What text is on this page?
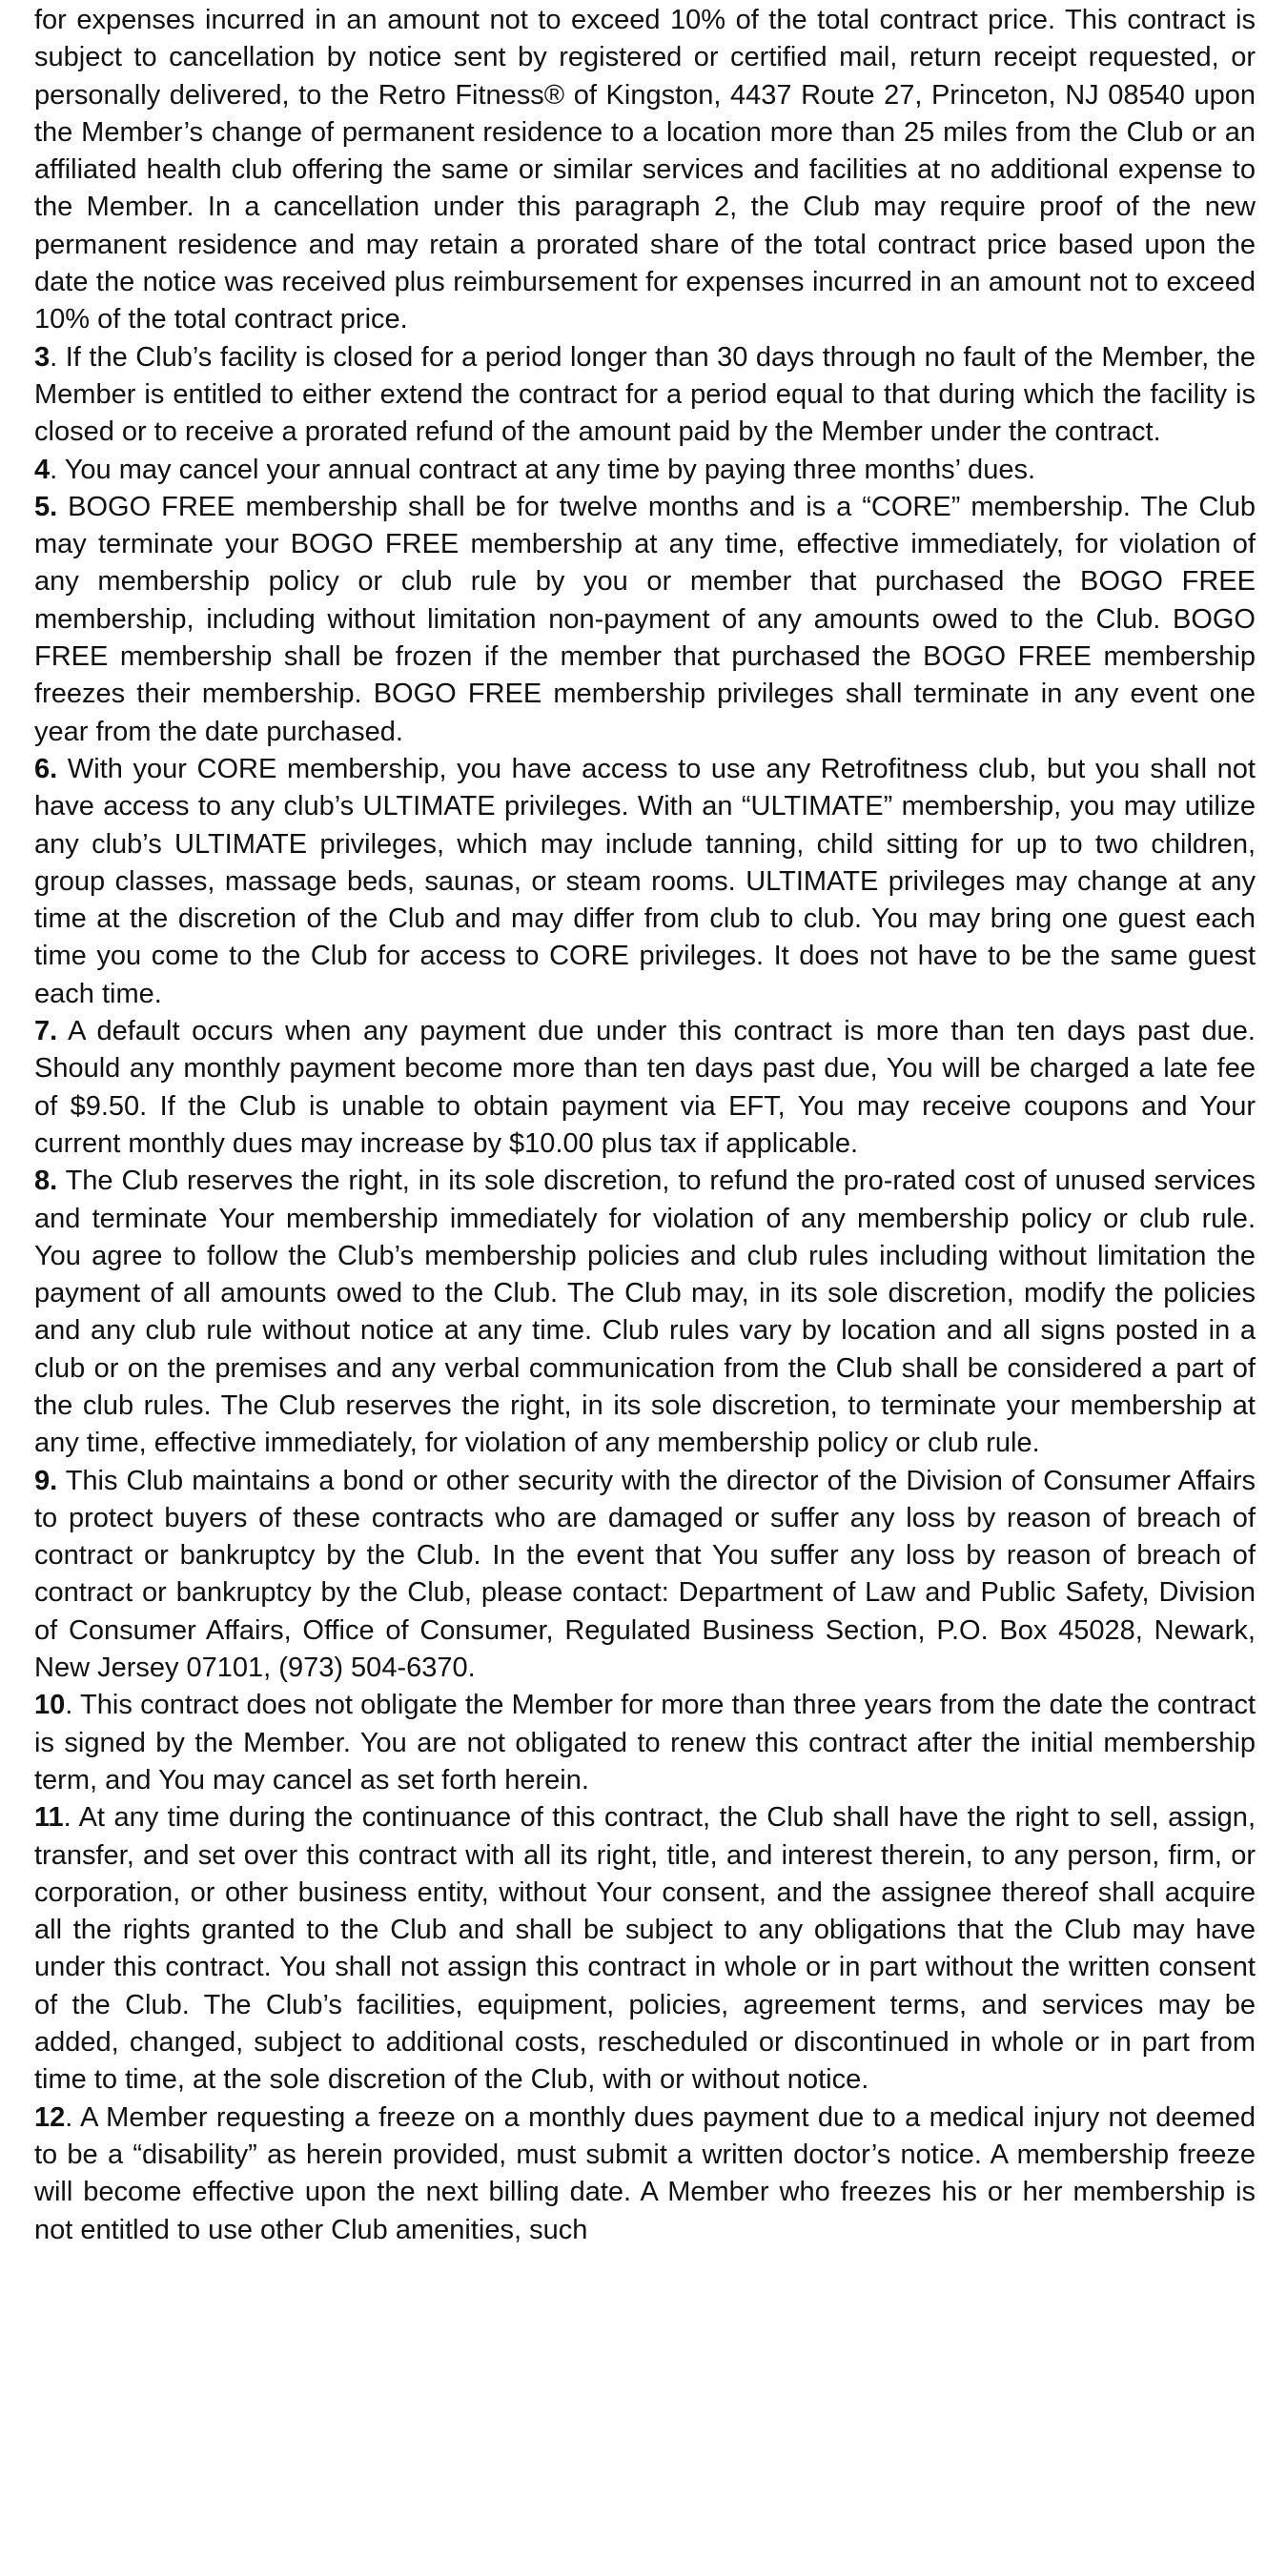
for expenses incurred in an amount not to exceed 10% of the total contract price. This contract is subject to cancellation by notice sent by registered or certified mail, return receipt requested, or personally delivered, to the Retro Fitness® of Kingston, 4437 Route 27, Princeton, NJ 08540 upon the Member’s change of permanent residence to a location more than 25 miles from the Club or an affiliated health club offering the same or similar services and facilities at no additional expense to the Member. In a cancellation under this paragraph 2, the Club may require proof of the new permanent residence and may retain a prorated share of the total contract price based upon the date the notice was received plus reimbursement for expenses incurred in an amount not to exceed 10% of the total contract price.

3. If the Club’s facility is closed for a period longer than 30 days through no fault of the Member, the Member is entitled to either extend the contract for a period equal to that during which the facility is closed or to receive a prorated refund of the amount paid by the Member under the contract.

4. You may cancel your annual contract at any time by paying three months’ dues.

5. BOGO FREE membership shall be for twelve months and is a “CORE” membership. The Club may terminate your BOGO FREE membership at any time, effective immediately, for violation of any membership policy or club rule by you or member that purchased the BOGO FREE membership, including without limitation non-payment of any amounts owed to the Club. BOGO FREE membership shall be frozen if the member that purchased the BOGO FREE membership freezes their membership. BOGO FREE membership privileges shall terminate in any event one year from the date purchased.

6. With your CORE membership, you have access to use any Retrofitness club, but you shall not have access to any club’s ULTIMATE privileges. With an “ULTIMATE” membership, you may utilize any club’s ULTIMATE privileges, which may include tanning, child sitting for up to two children, group classes, massage beds, saunas, or steam rooms. ULTIMATE privileges may change at any time at the discretion of the Club and may differ from club to club. You may bring one guest each time you come to the Club for access to CORE privileges. It does not have to be the same guest each time.

7. A default occurs when any payment due under this contract is more than ten days past due. Should any monthly payment become more than ten days past due, You will be charged a late fee of $9.50. If the Club is unable to obtain payment via EFT, You may receive coupons and Your current monthly dues may increase by $10.00 plus tax if applicable.

8. The Club reserves the right, in its sole discretion, to refund the pro-rated cost of unused services and terminate Your membership immediately for violation of any membership policy or club rule. You agree to follow the Club’s membership policies and club rules including without limitation the payment of all amounts owed to the Club. The Club may, in its sole discretion, modify the policies and any club rule without notice at any time. Club rules vary by location and all signs posted in a club or on the premises and any verbal communication from the Club shall be considered a part of the club rules. The Club reserves the right, in its sole discretion, to terminate your membership at any time, effective immediately, for violation of any membership policy or club rule.

9. This Club maintains a bond or other security with the director of the Division of Consumer Affairs to protect buyers of these contracts who are damaged or suffer any loss by reason of breach of contract or bankruptcy by the Club. In the event that You suffer any loss by reason of breach of contract or bankruptcy by the Club, please contact: Department of Law and Public Safety, Division of Consumer Affairs, Office of Consumer, Regulated Business Section, P.O. Box 45028, Newark, New Jersey 07101, (973) 504-6370.

10. This contract does not obligate the Member for more than three years from the date the contract is signed by the Member. You are not obligated to renew this contract after the initial membership term, and You may cancel as set forth herein.

11. At any time during the continuance of this contract, the Club shall have the right to sell, assign, transfer, and set over this contract with all its right, title, and interest therein, to any person, firm, or corporation, or other business entity, without Your consent, and the assignee thereof shall acquire all the rights granted to the Club and shall be subject to any obligations that the Club may have under this contract. You shall not assign this contract in whole or in part without the written consent of the Club. The Club’s facilities, equipment, policies, agreement terms, and services may be added, changed, subject to additional costs, rescheduled or discontinued in whole or in part from time to time, at the sole discretion of the Club, with or without notice.

12. A Member requesting a freeze on a monthly dues payment due to a medical injury not deemed to be a “disability” as herein provided, must submit a written doctor’s notice. A membership freeze will become effective upon the next billing date. A Member who freezes his or her membership is not entitled to use other Club amenities, such
